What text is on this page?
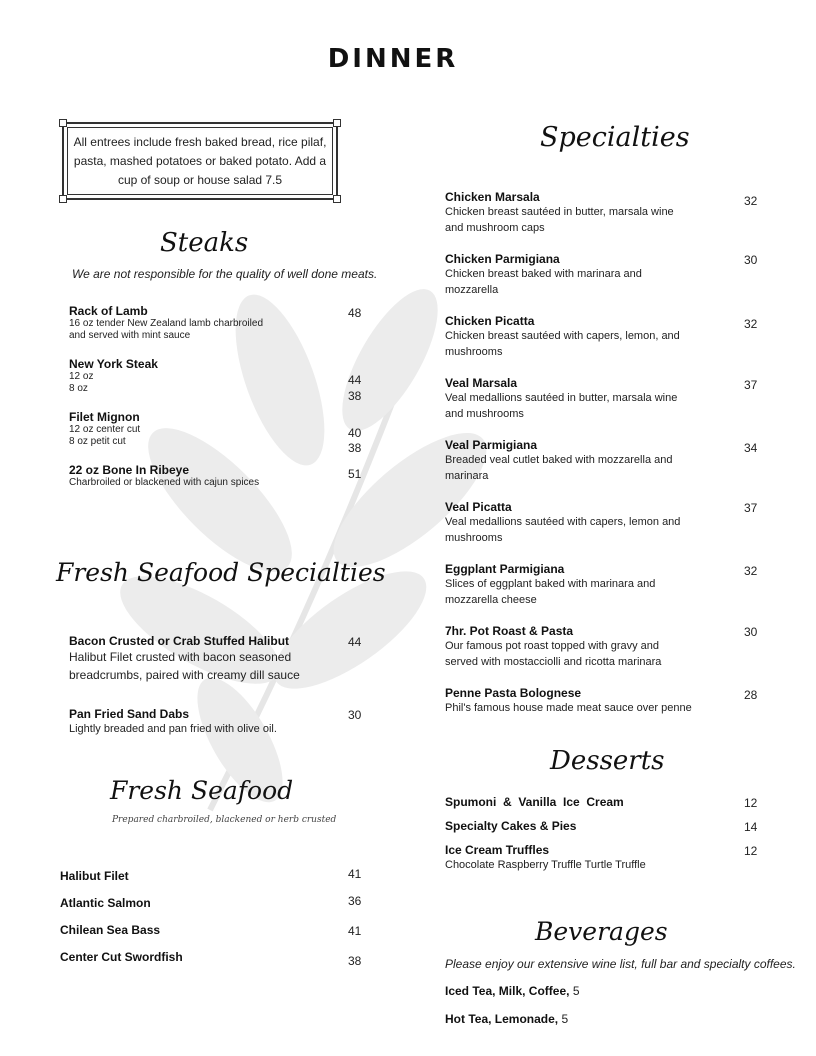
DINNER
All entrees include fresh baked bread, rice pilaf, pasta, mashed potatoes or baked potato. Add a cup of soup or house salad 7.5
Steaks
We are not responsible for the quality of well done meats.
Rack of Lamb
16 oz tender New Zealand lamb charbroiled
and served with mint sauce
48
New York Steak
12 oz
8 oz
44
38
Filet Mignon
12 oz center cut
8 oz petit cut
40
38
22 oz Bone In Ribeye
Charbroiled or blackened with cajun spices
51
Fresh Seafood Specialties
Bacon Crusted or Crab Stuffed Halibut
Halibut Filet crusted with bacon seasoned
breadcrumbs, paired with creamy dill sauce
44
Pan Fried Sand Dabs
Lightly breaded and pan fried with olive oil.
30
Fresh Seafood
Prepared charbroiled, blackened or herb crusted
Halibut Filet	41
Atlantic Salmon	36
Chilean Sea Bass	41
Center Cut Swordfish	38
Specialties
Chicken Marsala
Chicken breast sautéed in butter, marsala wine
and mushroom caps
32
Chicken Parmigiana
Chicken breast baked with marinara and
mozzarella
30
Chicken Picatta
Chicken breast sautéed with capers, lemon, and
mushrooms
32
Veal Marsala
Veal medallions sautéed in butter, marsala wine
and mushrooms
37
Veal Parmigiana
Breaded veal cutlet baked with mozzarella and
marinara
34
Veal Picatta
Veal medallions sautéed with capers, lemon and
mushrooms
37
Eggplant Parmigiana
Slices of eggplant baked with marinara and
mozzarella cheese
32
7hr. Pot Roast & Pasta
Our famous pot roast topped with gravy and
served with mostacciolli and ricotta marinara
30
Penne Pasta Bolognese
Phil's famous house made meat sauce over penne
28
Desserts
Spumoni  &  Vanilla  Ice  Cream	12
Specialty Cakes & Pies	14
Ice Cream Truffles
Chocolate Raspberry Truffle Turtle Truffle
12
Beverages
Please enjoy our extensive wine list, full bar and specialty coffees.
Iced Tea, Milk, Coffee, 5
Hot Tea, Lemonade, 5
